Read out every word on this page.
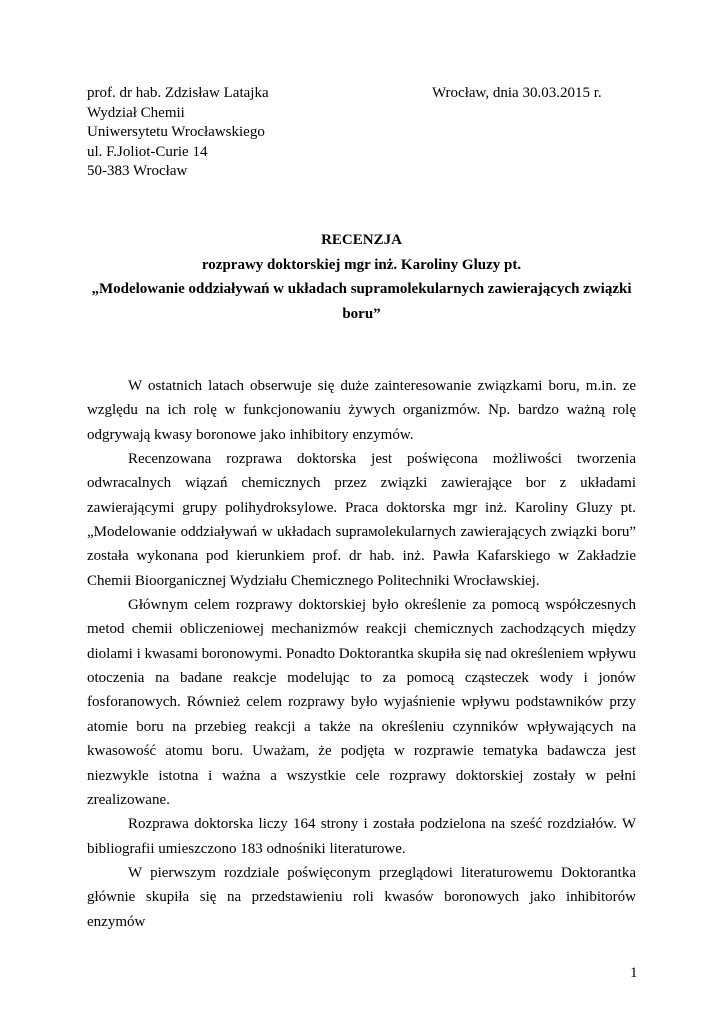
prof. dr hab. Zdzisław Latajka
Wydział Chemii
Uniwersytetu Wrocławskiego
ul. F.Joliot-Curie 14
50-383 Wrocław
Wrocław, dnia 30.03.2015 r.
RECENZJA
rozprawy doktorskiej mgr inż. Karoliny Gluzy pt.
„Modelowanie oddziaływań w układach supramolekularnych zawierających związki
boru”

W ostatnich latach obserwuje się duże zainteresowanie związkami boru, m.in. ze względu na ich rolę w funkcjonowaniu żywych organizmów. Np. bardzo ważną rolę odgrywają kwasy boronowe jako inhibitory enzymów.

Recenzowana rozprawa doktorska jest poświęcona możliwości tworzenia odwracalnych wiązań chemicznych przez związki zawierające bor z układami zawierającymi grupy polihydroksylowe. Praca doktorska mgr inż. Karoliny Gluzy pt. „Modelowanie oddziaływań w układach suprамolekularnych zawierających związki boru” została wykonana pod kierunkiem prof. dr hab. inż. Pawła Kafarskiego w Zakładzie Chemii Bioorganicznej Wydziału Chemicznego Politechniki Wrocławskiej.

Głównym celem rozprawy doktorskiej było określenie za pomocą współczesnych metod chemii obliczeniowej mechanizmów reakcji chemicznych zachodzących między diolami i kwasami boronowymi. Ponadto Doktorantka skupiła się nad określeniem wpływu otoczenia na badane reakcje modelując to za pomocą cząsteczek wody i jonów fosforanowych. Również celem rozprawy było wyjaśnienie wpływu podstawników przy atomie boru na przebieg reakcji a także na określeniu czynników wpływających na kwasowość atomu boru. Uważam, że podjęta w rozprawie tematyka badawcza jest niezwykle istotna i ważna a wszystkie cele rozprawy doktorskiej zostały w pełni zrealizowane.

Rozprawa doktorska liczy 164 strony i została podzielona na sześć rozdziałów. W bibliografii umieszczono 183 odnośniki literaturowe.

W pierwszym rozdziale poświęconym przeglądowi literaturowemu Doktorantka głównie skupiła się na przedstawieniu roli kwasów boronowych jako inhibitorów enzymów

1
